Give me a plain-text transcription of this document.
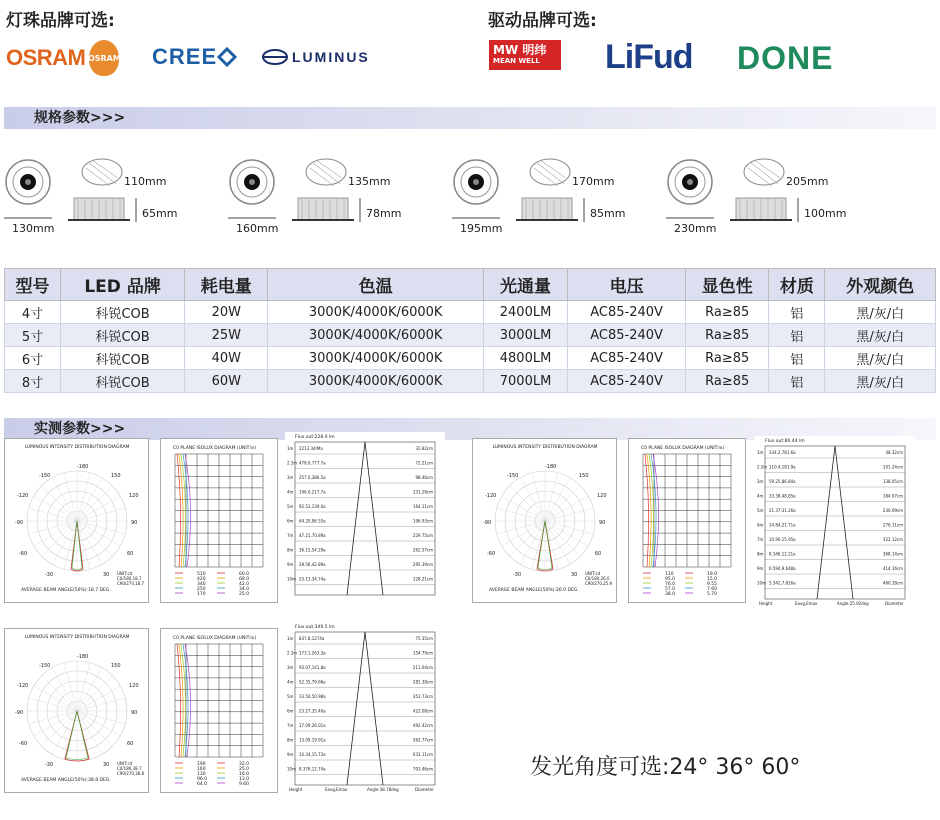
灯珠品牌可选:
OSRAM OSRAM CREE	LUMINUS
驱动品牌可选:
MW 明纬
MEAN WELL	LiFud DONE
规格参数>>>
130mm
110mm
65mm
160mm
135mm
78mm
195mm
170mm
85mm
230mm
205mm
100mm
型号	LED 品牌	耗电量	色温	光通量	电压	显色性	材质	外观颜色
4寸	科锐COB	20W	3000K/4000K/6000K	2400LM	AC85-240V	Ra≥85	铝	黑/灰/白
5寸	科锐COB	25W	3000K/4000K/6000K	3000LM	AC85-240V	Ra≥85	铝	黑/灰/白
6寸	科锐COB	40W	3000K/4000K/6000K	4800LM	AC85-240V	Ra≥85	铝	黑/灰/白
8寸	科锐COB	60W	3000K/4000K/6000K	7000LM	AC85-240V	Ra≥85	铝	黑/灰/白
实测参数>>>
LUMINOUS INTENSITY DISTRIBUTION DIAGRAM
-180
-150	150
-120	120
-90	90
-60	60
-30	30 UNIT:cd
C0/180,18.7
C90/270,18.7
AVERAGE BEAM ANGLE(50%):18.7 DEG.
C0 PLANE ISOLUX DIAGRAM (UNIT:lx)
510	60.0
420	68.0
340	42.0
250	34.0
170	25.0
Flux out:228.0 lm
1m 2213.34/Ma	32.82cm
2.2m 478.0,777.7a	72.21cm
3m 257.0,386.5a	98.46cm
4m 146.0,217.7a	131.28cm
5m 92.53,139.0a	164.11cm
6m 64.20,96.55a	196.93cm
7m 47.21,70.89a	229.75cm
8m 36.15,54.29a	262.57cm
9m 28.56,42.89a	295.39cm
10m 23.13,34.74a	328.21cm
LUMINOUS INTENSITY DISTRIBUTION DIAGRAM
-180
-150	150
-120	120
-90	90
-60	60
-30	30 UNIT:cd
C0/180,26.0
C90/270,25.9
AVERAGE BEAM ANGLE(50%):26.0 DEG.
C0 PLANE ISOLUX DIAGRAM (UNIT:lx)
110	19.0
95.0	15.0
76.0	9.55
57.0	7.60
38.0	5.70
Flux out:80.44 lm
1m 334.2,781.6a	48.32cm
2.2m 110.4,181.9a	101.24cm
3m 59.25,86.84a	138.05cm
4m 33.38,48.85a	184.07cm
5m 21.37,31.26a	230.09cm
6m 14.84,21.71a	276.11cm
7m 10.90,15.95a	322.12cm
8m 8.346,12.21a	368.14cm
9m 6.594,9.648a	414.16cm
10m 5.342,7.816a	460.18cm
Height	Eavg,Emax	Angle:25.92deg	Diameter
LUMINOUS INTENSITY DISTRIBUTION DIAGRAM
-180
-150	150
-120	120
-90	90
-60	60
-30	30 UNIT:cd
C0/180,38.7
C90/270,38.8
AVERAGE BEAM ANGLE(50%):38.8 DEG.
C0 PLANE ISOLUX DIAGRAM (UNIT:lx)
190	32.0
160	25.0
130	16.0
96.0	13.0
64.0	9.60
Flux out:349.5 lm
1m 837.8,1274a	75.35cm
2.2m 173.1,263.3a	154.79cm
3m 93.07,141.8a	211.04cm
4m 52.35,79.66a	281.38cm
5m 33.50,50.98a	351.73cm
6m 23.27,35.40a	422.08cm
7m 17.09,26.01a	492.42cm
8m 13.09,19.91a	562.77cm
9m 10.34,15.73a	633.11cm
10m 8.376,12.74a	703.46cm
Height	Eavg,Emax	Angle:38.78deg	Diameter
发光角度可选:24° 36° 60°
